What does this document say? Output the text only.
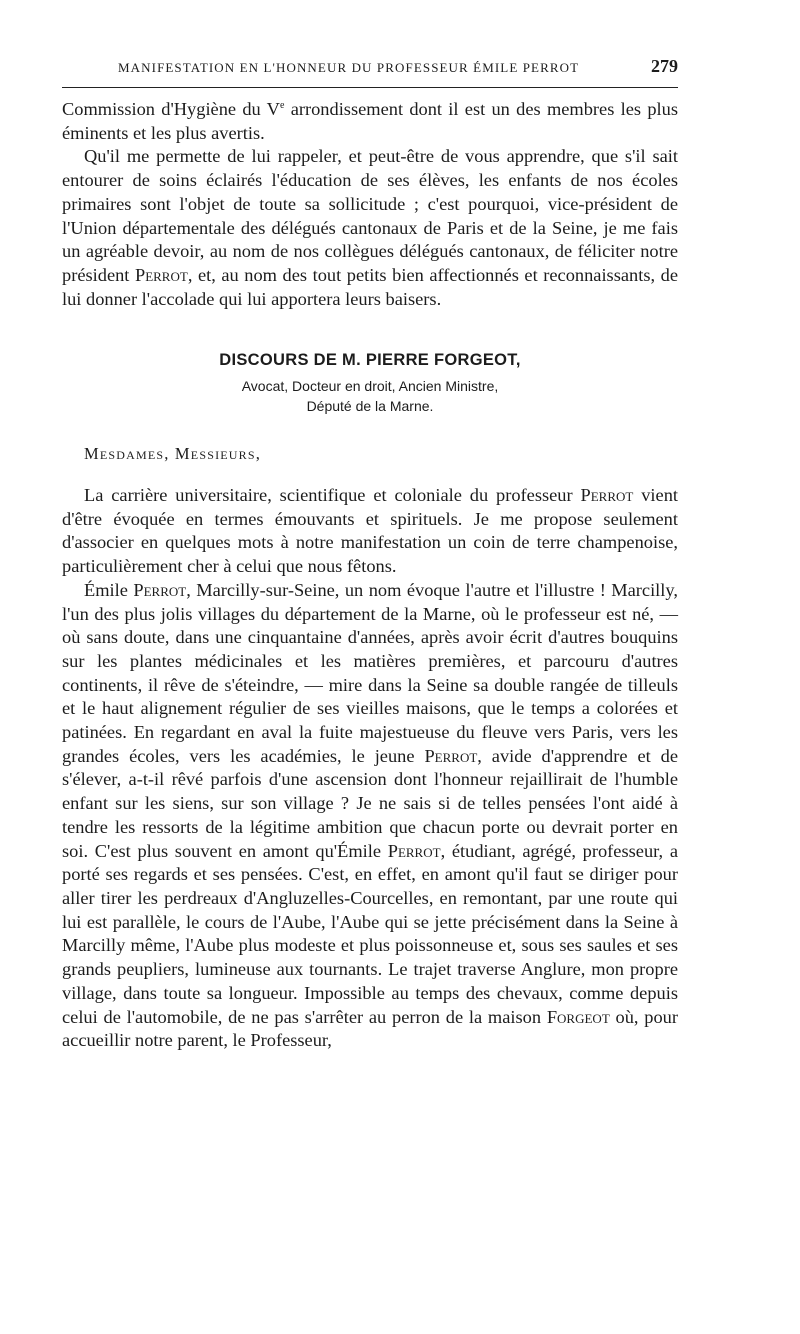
MANIFESTATION EN L'HONNEUR DU PROFESSEUR ÉMILE PERROT	279

Commission d'Hygiène du Ve arrondissement dont il est un des membres les plus éminents et les plus avertis.

Qu'il me permette de lui rappeler, et peut-être de vous apprendre, que s'il sait entourer de soins éclairés l'éducation de ses élèves, les enfants de nos écoles primaires sont l'objet de toute sa sollicitude ; c'est pourquoi, vice-président de l'Union départementale des délégués cantonaux de Paris et de la Seine, je me fais un agréable devoir, au nom de nos collègues délégués cantonaux, de féliciter notre président Perrot, et, au nom des tout petits bien affectionnés et reconnaissants, de lui donner l'accolade qui lui apportera leurs baisers.

DISCOURS DE M. PIERRE FORGEOT,
Avocat, Docteur en droit, Ancien Ministre,
Député de la Marne.

Mesdames, Messieurs,

La carrière universitaire, scientifique et coloniale du professeur Perrot vient d'être évoquée en termes émouvants et spirituels. Je me propose seulement d'associer en quelques mots à notre manifestation un coin de terre champenoise, particulièrement cher à celui que nous fêtons.

Émile Perrot, Marcilly-sur-Seine, un nom évoque l'autre et l'illustre ! Marcilly, l'un des plus jolis villages du département de la Marne, où le professeur est né, — où sans doute, dans une cinquantaine d'années, après avoir écrit d'autres bouquins sur les plantes médicinales et les matières premières, et parcouru d'autres continents, il rêve de s'éteindre, — mire dans la Seine sa double rangée de tilleuls et le haut alignement régulier de ses vieilles maisons, que le temps a colorées et patinées. En regardant en aval la fuite majestueuse du fleuve vers Paris, vers les grandes écoles, vers les académies, le jeune Perrot, avide d'apprendre et de s'élever, a-t-il rêvé parfois d'une ascension dont l'honneur rejaillirait de l'humble enfant sur les siens, sur son village ? Je ne sais si de telles pensées l'ont aidé à tendre les ressorts de la légitime ambition que chacun porte ou devrait porter en soi. C'est plus souvent en amont qu'Émile Perrot, étudiant, agrégé, professeur, a porté ses regards et ses pensées. C'est, en effet, en amont qu'il faut se diriger pour aller tirer les perdreaux d'Angluzelles-Courcelles, en remontant, par une route qui lui est parallèle, le cours de l'Aube, l'Aube qui se jette précisément dans la Seine à Marcilly même, l'Aube plus modeste et plus poissonneuse et, sous ses saules et ses grands peupliers, lumineuse aux tournants. Le trajet traverse Anglure, mon propre village, dans toute sa longueur. Impossible au temps des chevaux, comme depuis celui de l'automobile, de ne pas s'arrêter au perron de la maison Forgeot où, pour accueillir notre parent, le Professeur,
